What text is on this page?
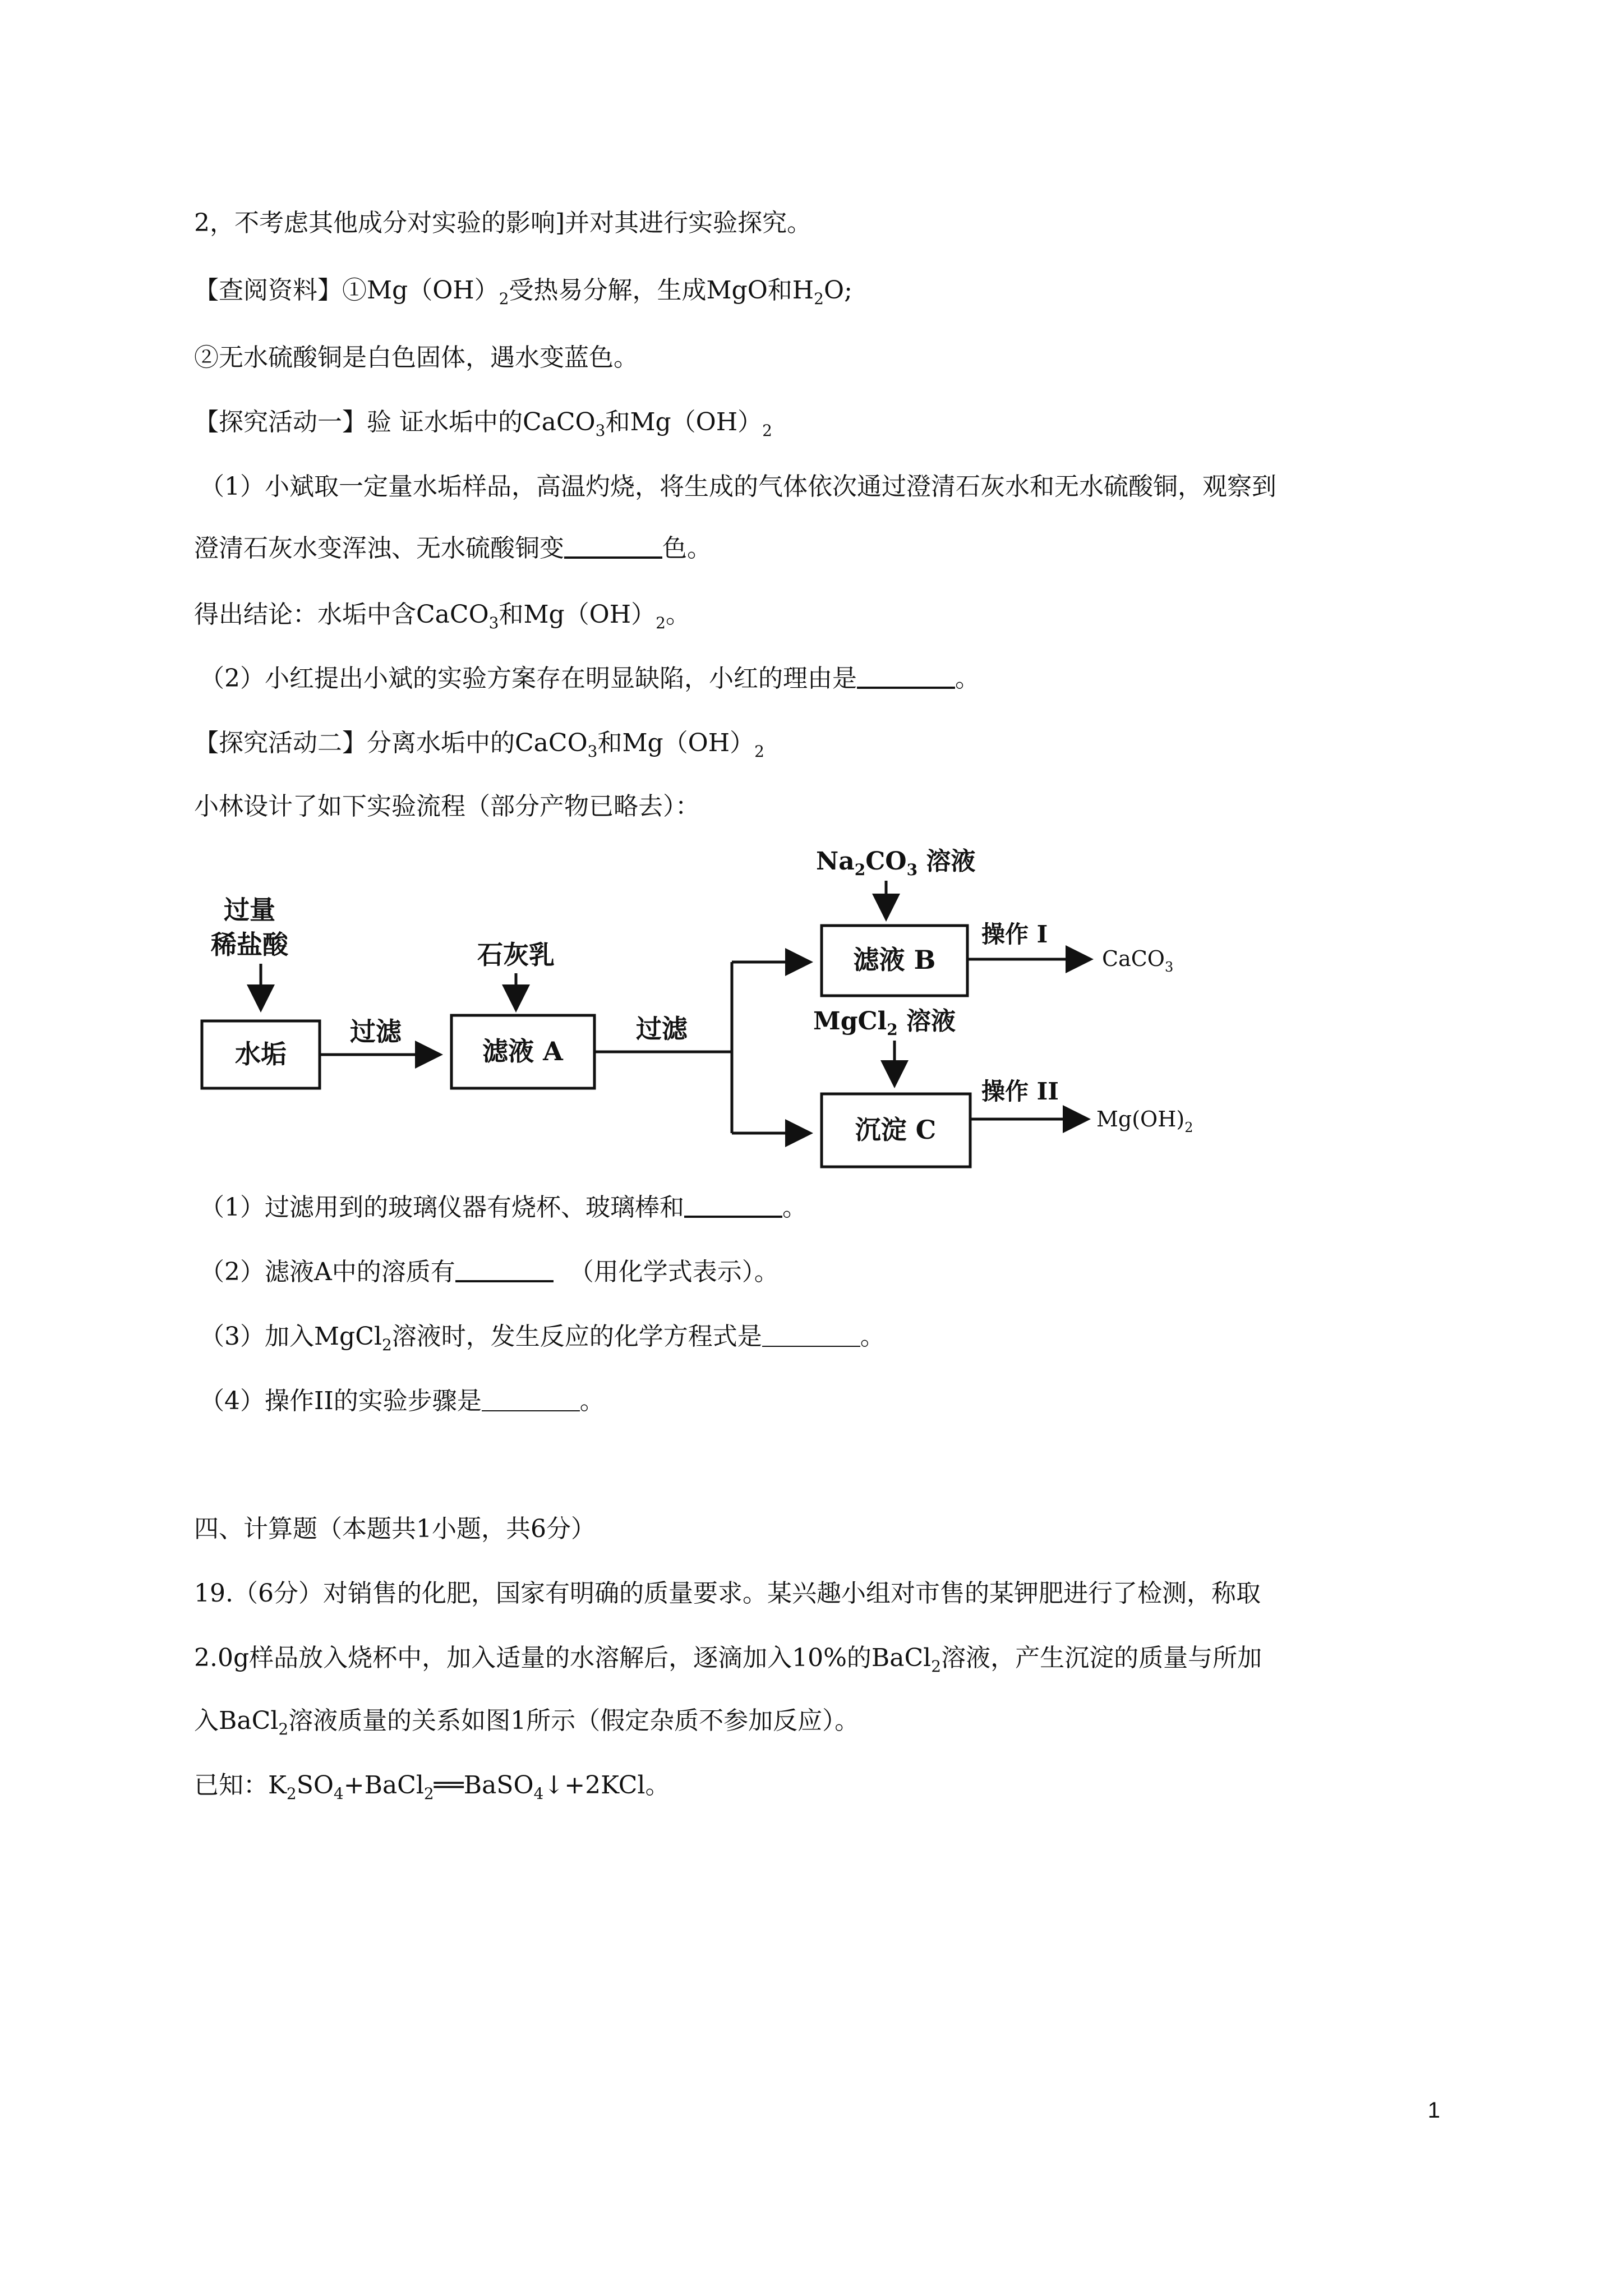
2，不考虑其他成分对实验的影响]并对其进行实验探究。
【查阅资料】$①Mg(OH)_2$受热易分解，生成MgO和$H_2O$;
②无水硫酸铜是白色固体，遇水变蓝色。
【探究活动一】验 证水垢中的CaCO$_3$和$Mg(OH)_2$
（1）小斌取一定量水垢样品，高温灼烧，将生成的气体依次通过澄清石灰水和无水硫酸铜，观察到
澄清石灰水变浑浊、无水硫酸铜变	色。
得出结论：水垢中含CaCO$_3$和$Mg(OH)_2$。
（2）小红提出小斌的实验方案存在明显缺陷，小红的理由是	。
【探究活动二】分离水垢中的CaCO$_3$和$Mg(OH)_2$
小林设计了如下实验流程（部分产物已略去）：
过量
稀盐酸
水垢
过滤
石灰乳
滤液 A
过滤
$Na_2CO_3$ 溶液
滤液 B
操作 I
CaCO$_3$
MgCl$_2$ 溶液
沉淀 C
操作 II
$Mg(OH)_2$
（1）过滤用到的玻璃仪器有烧杯、玻璃棒和	。
（2）滤液A中的溶质有	（用化学式表示）。
（3）加入MgCl$_2$溶液时，发生反应的化学方程式是	。
（4）操作II的实验步骤是	。
四、计算题（本题共1小题，共6分）
19.（6分）对销售的化肥，国家有明确的质量要求。某兴趣小组对市售的某钾肥进行了检测，称取
2.0g样品放入烧杯中，加入适量的水溶解后，逐滴加入10%的BaCl$_2$溶液，产生沉淀的质量与所加
入BaCl$_2$溶液质量的关系如图1所示（假定杂质不参加反应）。
已知：$K_2SO_4+BaCl_2══BaSO_4↓+2KCl$。
1
